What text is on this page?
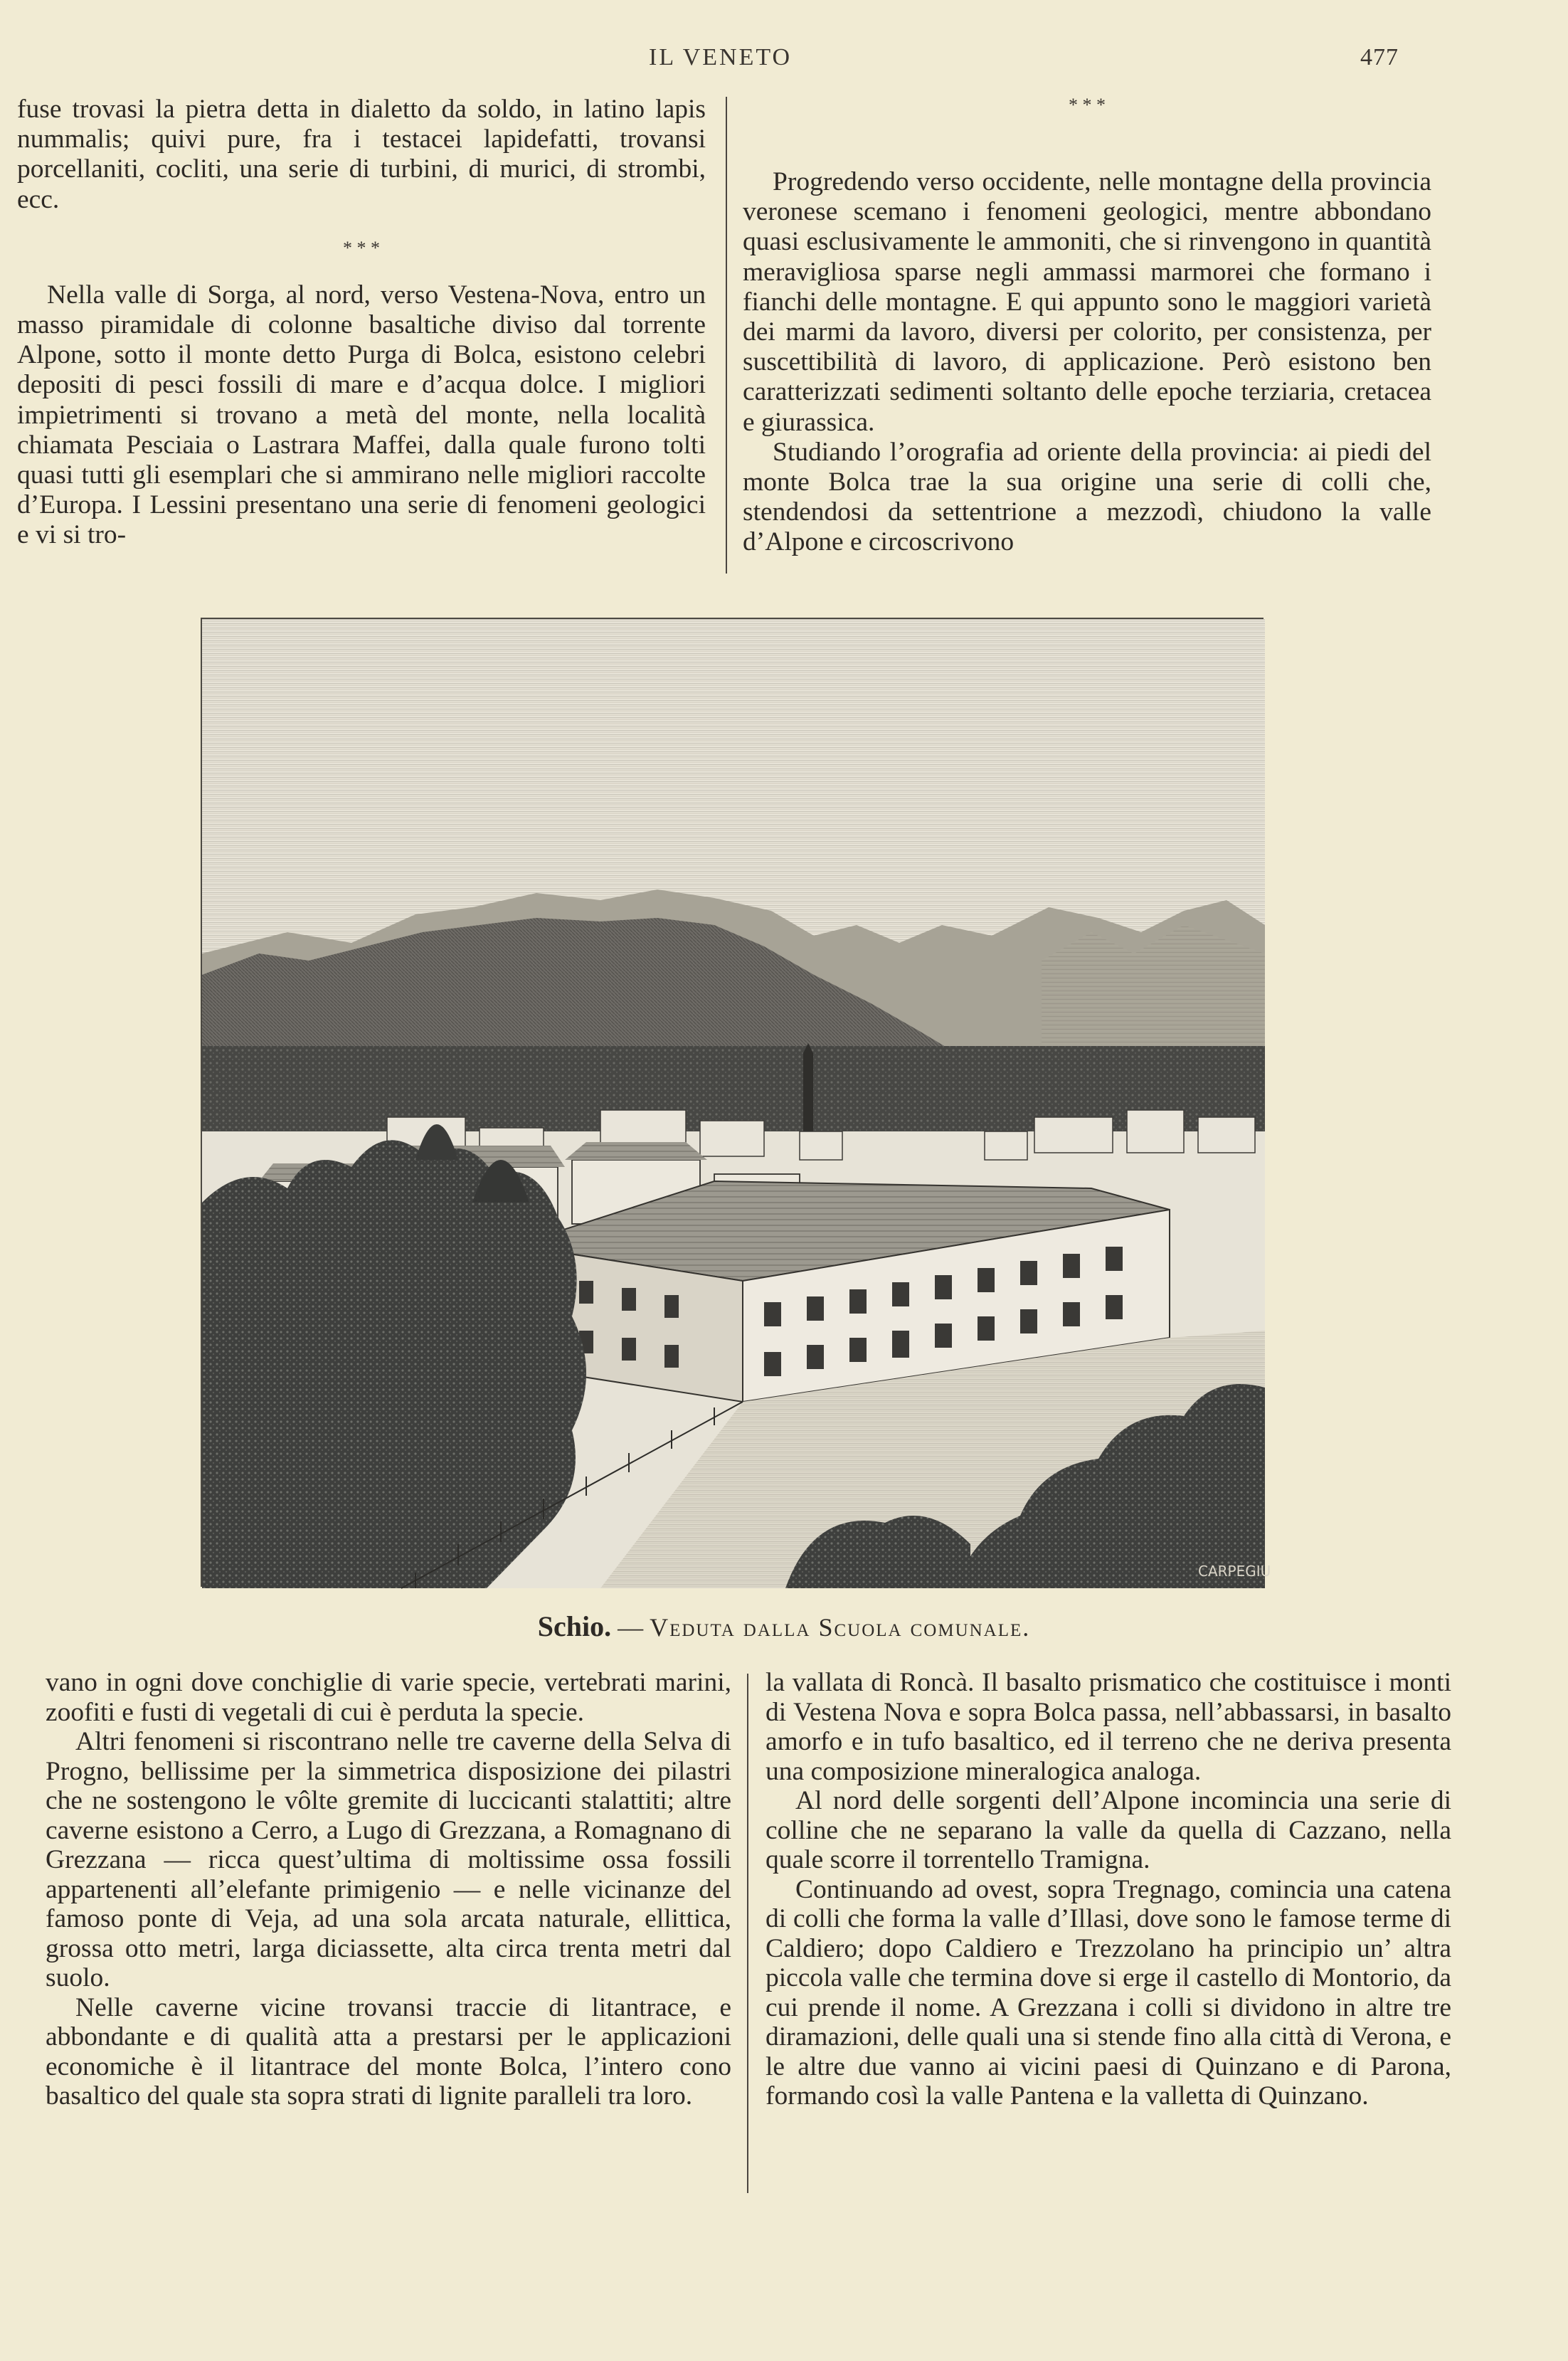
IL VENETO	477

fuse trovasi la pietra detta in dialetto da soldo, in latino lapis nummalis; quivi pure, fra i testacei lapidefatti, trovansi porcellaniti, cocliti, una serie di turbini, di murici, di strombi, ecc.

* * *

Nella valle di Sorga, al nord, verso Vestena-Nova, entro un masso piramidale di colonne basaltiche diviso dal torrente Alpone, sotto il monte detto Purga di Bolca, esistono celebri depositi di pesci fossili di mare e d’acqua dolce. I migliori impietrimenti si trovano a metà del monte, nella località chiamata Pesciaia o Lastrara Maffei, dalla quale furono tolti quasi tutti gli esemplari che si ammirano nelle migliori raccolte d’Europa. I Lessini presentano una serie di fenomeni geologici e vi si tro-

* * *

Progredendo verso occidente, nelle montagne della provincia veronese scemano i fenomeni geologici, mentre abbondano quasi esclusivamente le ammoniti, che si rinvengono in quantità meravigliosa sparse negli ammassi marmorei che formano i fianchi delle montagne. E qui appunto sono le maggiori varietà dei marmi da lavoro, diversi per colorito, per consistenza, per suscettibilità di lavoro, di applicazione. Però esistono ben caratterizzati sedimenti soltanto delle epoche terziaria, cretacea e giurassica.

Studiando l’orografia ad oriente della provincia: ai piedi del monte Bolca trae la sua origine una serie di colli che, stendendosi da settentrione a mezzodì, chiudono la valle d’Alpone e circoscrivono

CARPEGIU
Schio. — Veduta dalla Scuola comunale.

vano in ogni dove conchiglie di varie specie, vertebrati marini, zoofiti e fusti di vegetali di cui è perduta la specie.

Altri fenomeni si riscontrano nelle tre caverne della Selva di Progno, bellissime per la simmetrica disposizione dei pilastri che ne sostengono le vôlte gremite di luccicanti stalattiti; altre caverne esistono a Cerro, a Lugo di Grezzana, a Romagnano di Grezzana — ricca quest’ultima di moltissime ossa fossili appartenenti all’elefante primigenio — e nelle vicinanze del famoso ponte di Veja, ad una sola arcata naturale, ellittica, grossa otto metri, larga diciassette, alta circa trenta metri dal suolo.

Nelle caverne vicine trovansi traccie di litantrace, e abbondante e di qualità atta a prestarsi per le applicazioni economiche è il litantrace del monte Bolca, l’intero cono basaltico del quale sta sopra strati di lignite paralleli tra loro.

la vallata di Roncà. Il basalto prismatico che costituisce i monti di Vestena Nova e sopra Bolca passa, nell’abbassarsi, in basalto amorfo e in tufo basaltico, ed il terreno che ne deriva presenta una composizione mineralogica analoga.

Al nord delle sorgenti dell’Alpone incomincia una serie di colline che ne separano la valle da quella di Cazzano, nella quale scorre il torrentello Tramigna.

Continuando ad ovest, sopra Tregnago, comincia una catena di colli che forma la valle d’Illasi, dove sono le famose terme di Caldiero; dopo Caldiero e Trezzolano ha principio un’ altra piccola valle che termina dove si erge il castello di Montorio, da cui prende il nome. A Grezzana i colli si dividono in altre tre diramazioni, delle quali una si stende fino alla città di Verona, e le altre due vanno ai vicini paesi di Quinzano e di Parona, formando così la valle Pantena e la valletta di Quinzano.
